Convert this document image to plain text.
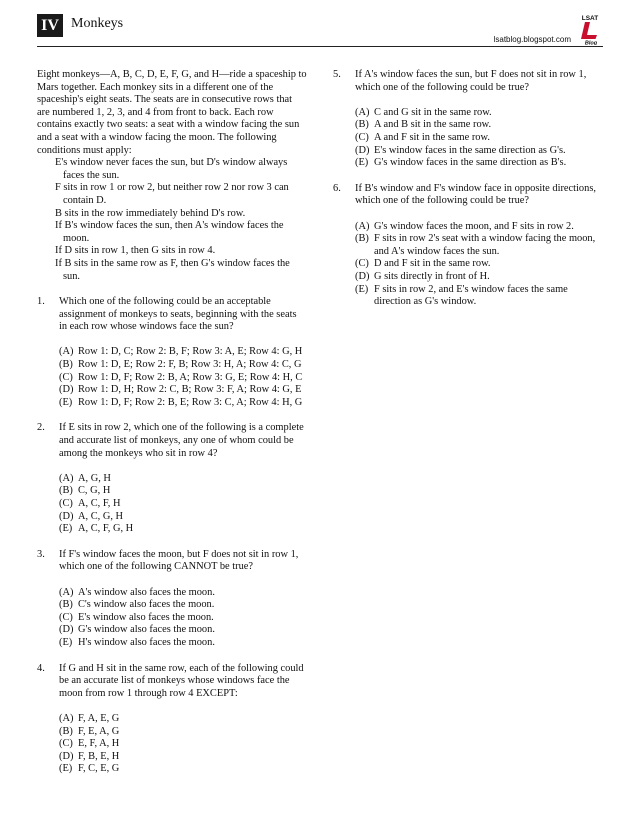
IV Monkeys
lsatblog.blogspot.com
LSAT
Blog

Eight monkeys—A, B, C, D, E, F, G, and H—ride a spaceship to Mars together. Each monkey sits in a different one of the spaceship's eight seats. The seats are in consecutive rows that are numbered 1, 2, 3, and 4 from front to back. Each row contains exactly two seats: a seat with a window facing the sun and a seat with a window facing the moon. The following conditions must apply:

E's window never faces the sun, but D's window always faces the sun.
F sits in row 1 or row 2, but neither row 2 nor row 3 can contain D.
B sits in the row immediately behind D's row.
If B's window faces the sun, then A's window faces the moon.
If D sits in row 1, then G sits in row 4.
If B sits in the same row as F, then G's window faces the sun.
1. Which one of the following could be an acceptable assignment of monkeys to seats, beginning with the seats in each row whose windows face the sun?

(A) Row 1: D, C; Row 2: B, F; Row 3: A, E; Row 4: G, H
(B) Row 1: D, E; Row 2: F, B; Row 3: H, A; Row 4: C, G
(C) Row 1: D, F; Row 2: B, A; Row 3: G, E; Row 4: H, C
(D) Row 1: D, H; Row 2: C, B; Row 3: F, A; Row 4: G, E
(E) Row 1: D, F; Row 2: B, E; Row 3: C, A; Row 4: H, G
2. If E sits in row 2, which one of the following is a complete and accurate list of monkeys, any one of whom could be among the monkeys who sit in row 4?

(A) A, G, H
(B) C, G, H
(C) A, C, F, H
(D) A, C, G, H
(E) A, C, F, G, H
3. If F's window faces the moon, but F does not sit in row 1, which one of the following CANNOT be true?

(A) A's window also faces the moon.
(B) C's window also faces the moon.
(C) E's window also faces the moon.
(D) G's window also faces the moon.
(E) H's window also faces the moon.
4. If G and H sit in the same row, each of the following could be an accurate list of monkeys whose windows face the moon from row 1 through row 4 EXCEPT:

(A) F, A, E, G
(B) F, E, A, G
(C) E, F, A, H
(D) F, B, E, H
(E) F, C, E, G
5. If A's window faces the sun, but F does not sit in row 1, which one of the following could be true?

(A) C and G sit in the same row.
(B) A and B sit in the same row.
(C) A and F sit in the same row.
(D) E's window faces in the same direction as G's.
(E) G's window faces in the same direction as B's.
6. If B's window and F's window face in opposite directions, which one of the following could be true?

(A) G's window faces the moon, and F sits in row 2.
(B) F sits in row 2's seat with a window facing the moon, and A's window faces the sun.
(C) D and F sit in the same row.
(D) G sits directly in front of H.
(E) F sits in row 2, and E's window faces the same direction as G's window.
